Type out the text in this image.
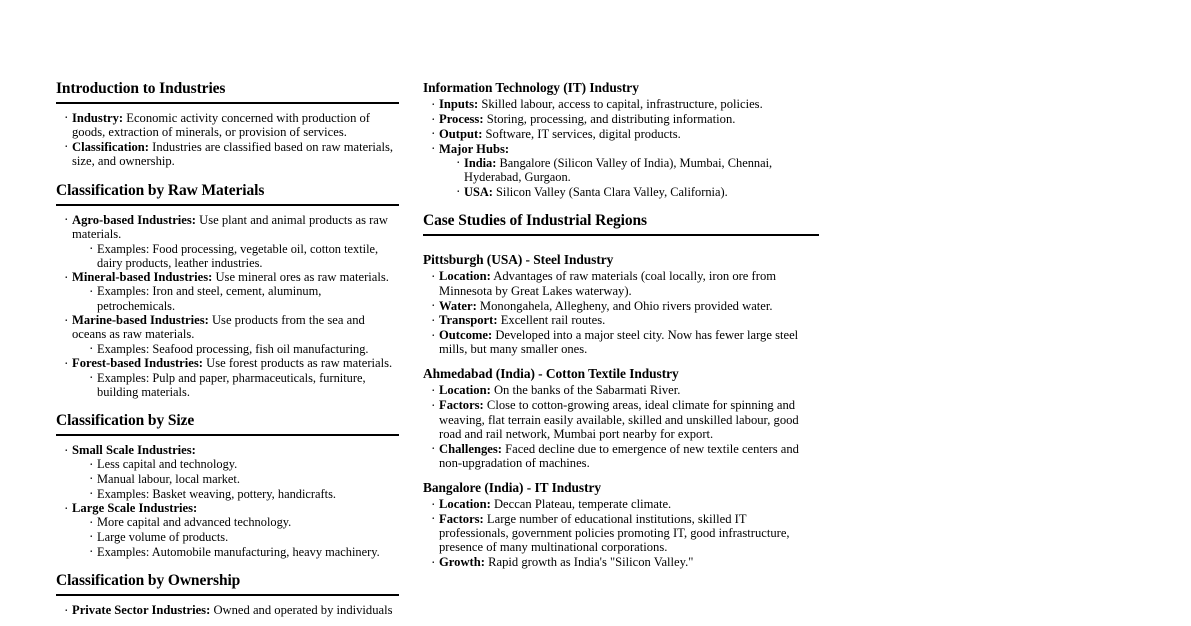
Introduction to Industries
· Industry: Economic activity concerned with production of goods, extraction of minerals, or provision of services.
· Classification: Industries are classified based on raw materials, size, and ownership.
Classification by Raw Materials
· Agro-based Industries: Use plant and animal products as raw materials.
· Examples: Food processing, vegetable oil, cotton textile, dairy products, leather industries.
· Mineral-based Industries: Use mineral ores as raw materials.
· Examples: Iron and steel, cement, aluminum, petrochemicals.
· Marine-based Industries: Use products from the sea and oceans as raw materials.
· Examples: Seafood processing, fish oil manufacturing.
· Forest-based Industries: Use forest products as raw materials.
· Examples: Pulp and paper, pharmaceuticals, furniture, building materials.
Classification by Size
· Small Scale Industries:
· Less capital and technology.
· Manual labour, local market.
· Examples: Basket weaving, pottery, handicrafts.
· Large Scale Industries:
· More capital and advanced technology.
· Large volume of products.
· Examples: Automobile manufacturing, heavy machinery.
Classification by Ownership
· Private Sector Industries: Owned and operated by individuals
Information Technology (IT) Industry
· Inputs: Skilled labour, access to capital, infrastructure, policies.
· Process: Storing, processing, and distributing information.
· Output: Software, IT services, digital products.
· Major Hubs:
· India: Bangalore (Silicon Valley of India), Mumbai, Chennai, Hyderabad, Gurgaon.
· USA: Silicon Valley (Santa Clara Valley, California).
Case Studies of Industrial Regions
Pittsburgh (USA) - Steel Industry
· Location: Advantages of raw materials (coal locally, iron ore from Minnesota by Great Lakes waterway).
· Water: Monongahela, Allegheny, and Ohio rivers provided water.
· Transport: Excellent rail routes.
· Outcome: Developed into a major steel city. Now has fewer large steel mills, but many smaller ones.
Ahmedabad (India) - Cotton Textile Industry
· Location: On the banks of the Sabarmati River.
· Factors: Close to cotton-growing areas, ideal climate for spinning and weaving, flat terrain easily available, skilled and unskilled labour, good road and rail network, Mumbai port nearby for export.
· Challenges: Faced decline due to emergence of new textile centers and non-upgradation of machines.
Bangalore (India) - IT Industry
· Location: Deccan Plateau, temperate climate.
· Factors: Large number of educational institutions, skilled IT professionals, government policies promoting IT, good infrastructure, presence of many multinational corporations.
· Growth: Rapid growth as India's "Silicon Valley."
